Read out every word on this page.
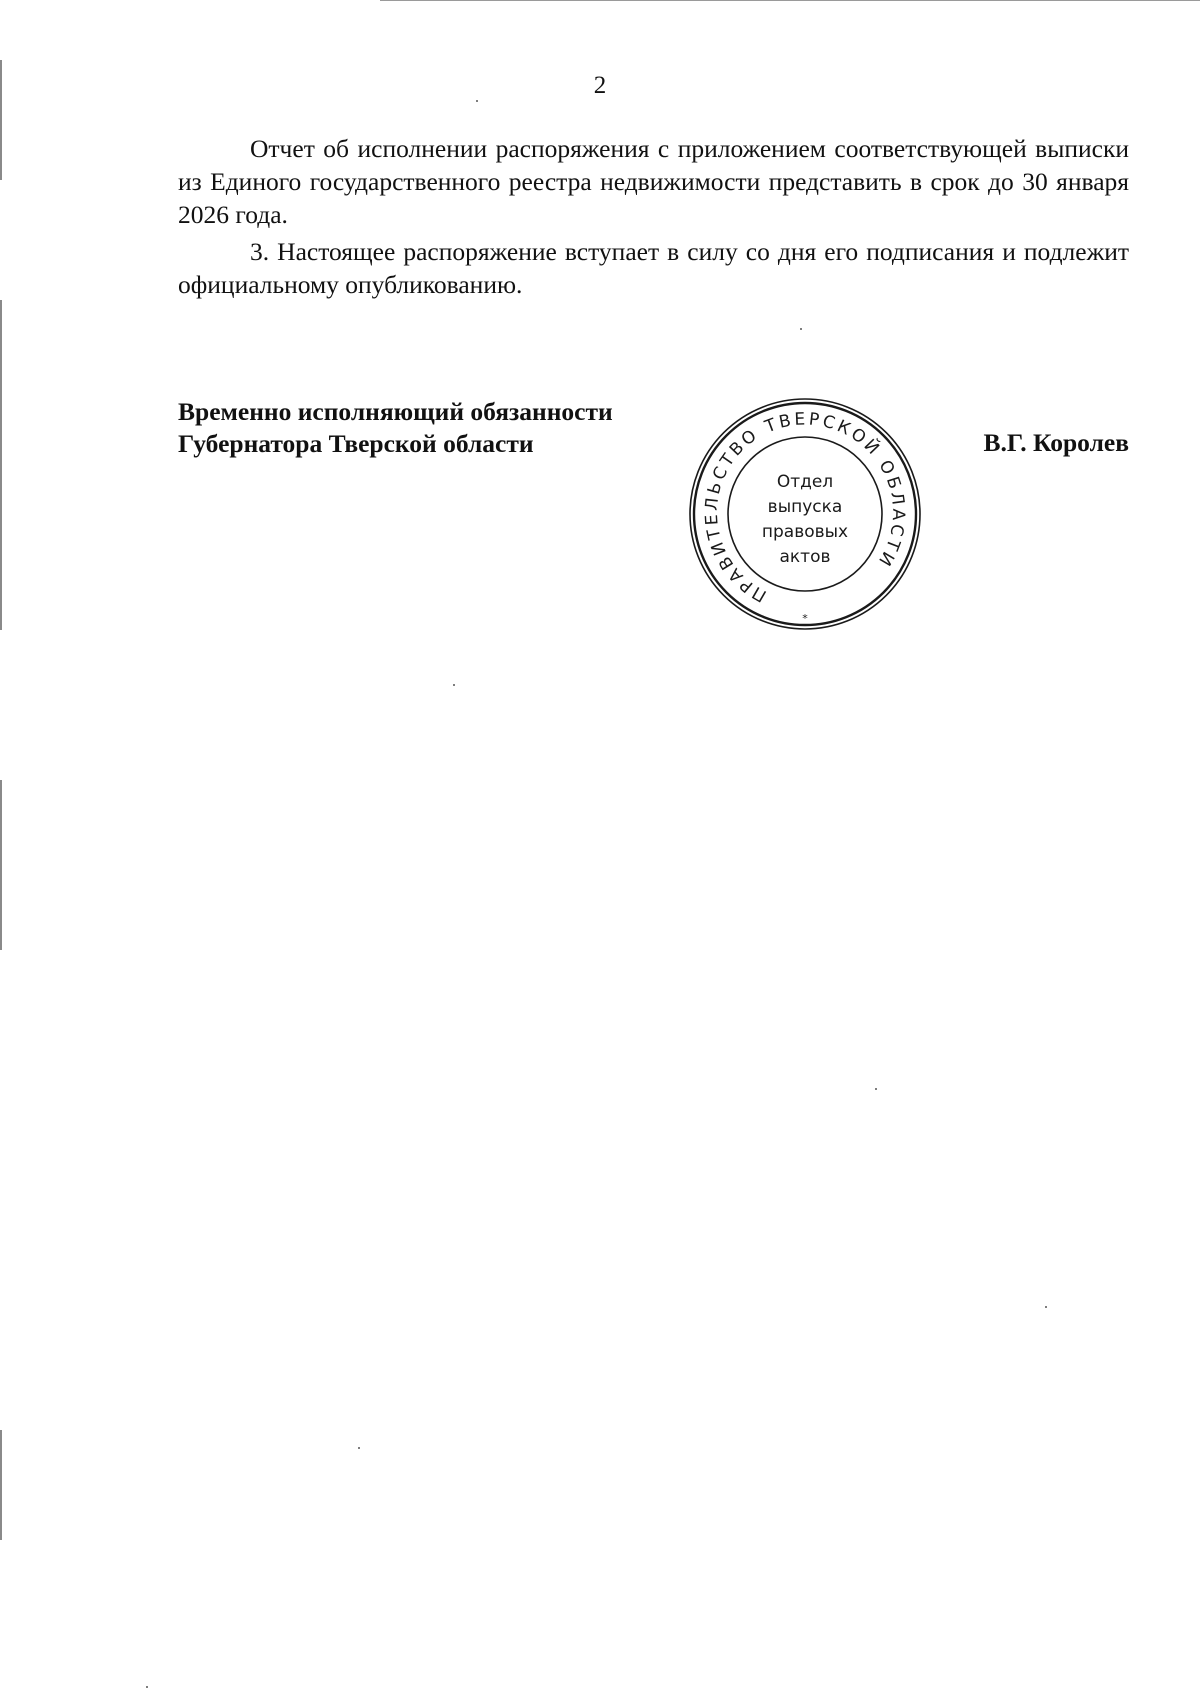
2

Отчет об исполнении распоряжения с приложением соответствующей выписки из Единого государственного реестра недвижимости представить в срок до 30 января 2026 года.

3. Настоящее распоряжение вступает в силу со дня его подписания и подлежит официальному опубликованию.

Временно исполняющий обязанности
Губернатора Тверской области	В.Г. Королев
ПРАВИТЕЛЬСТВО ТВЕРСКОЙ ОБЛАСТИ
*
Отдел
выпуска
правовых
актов
